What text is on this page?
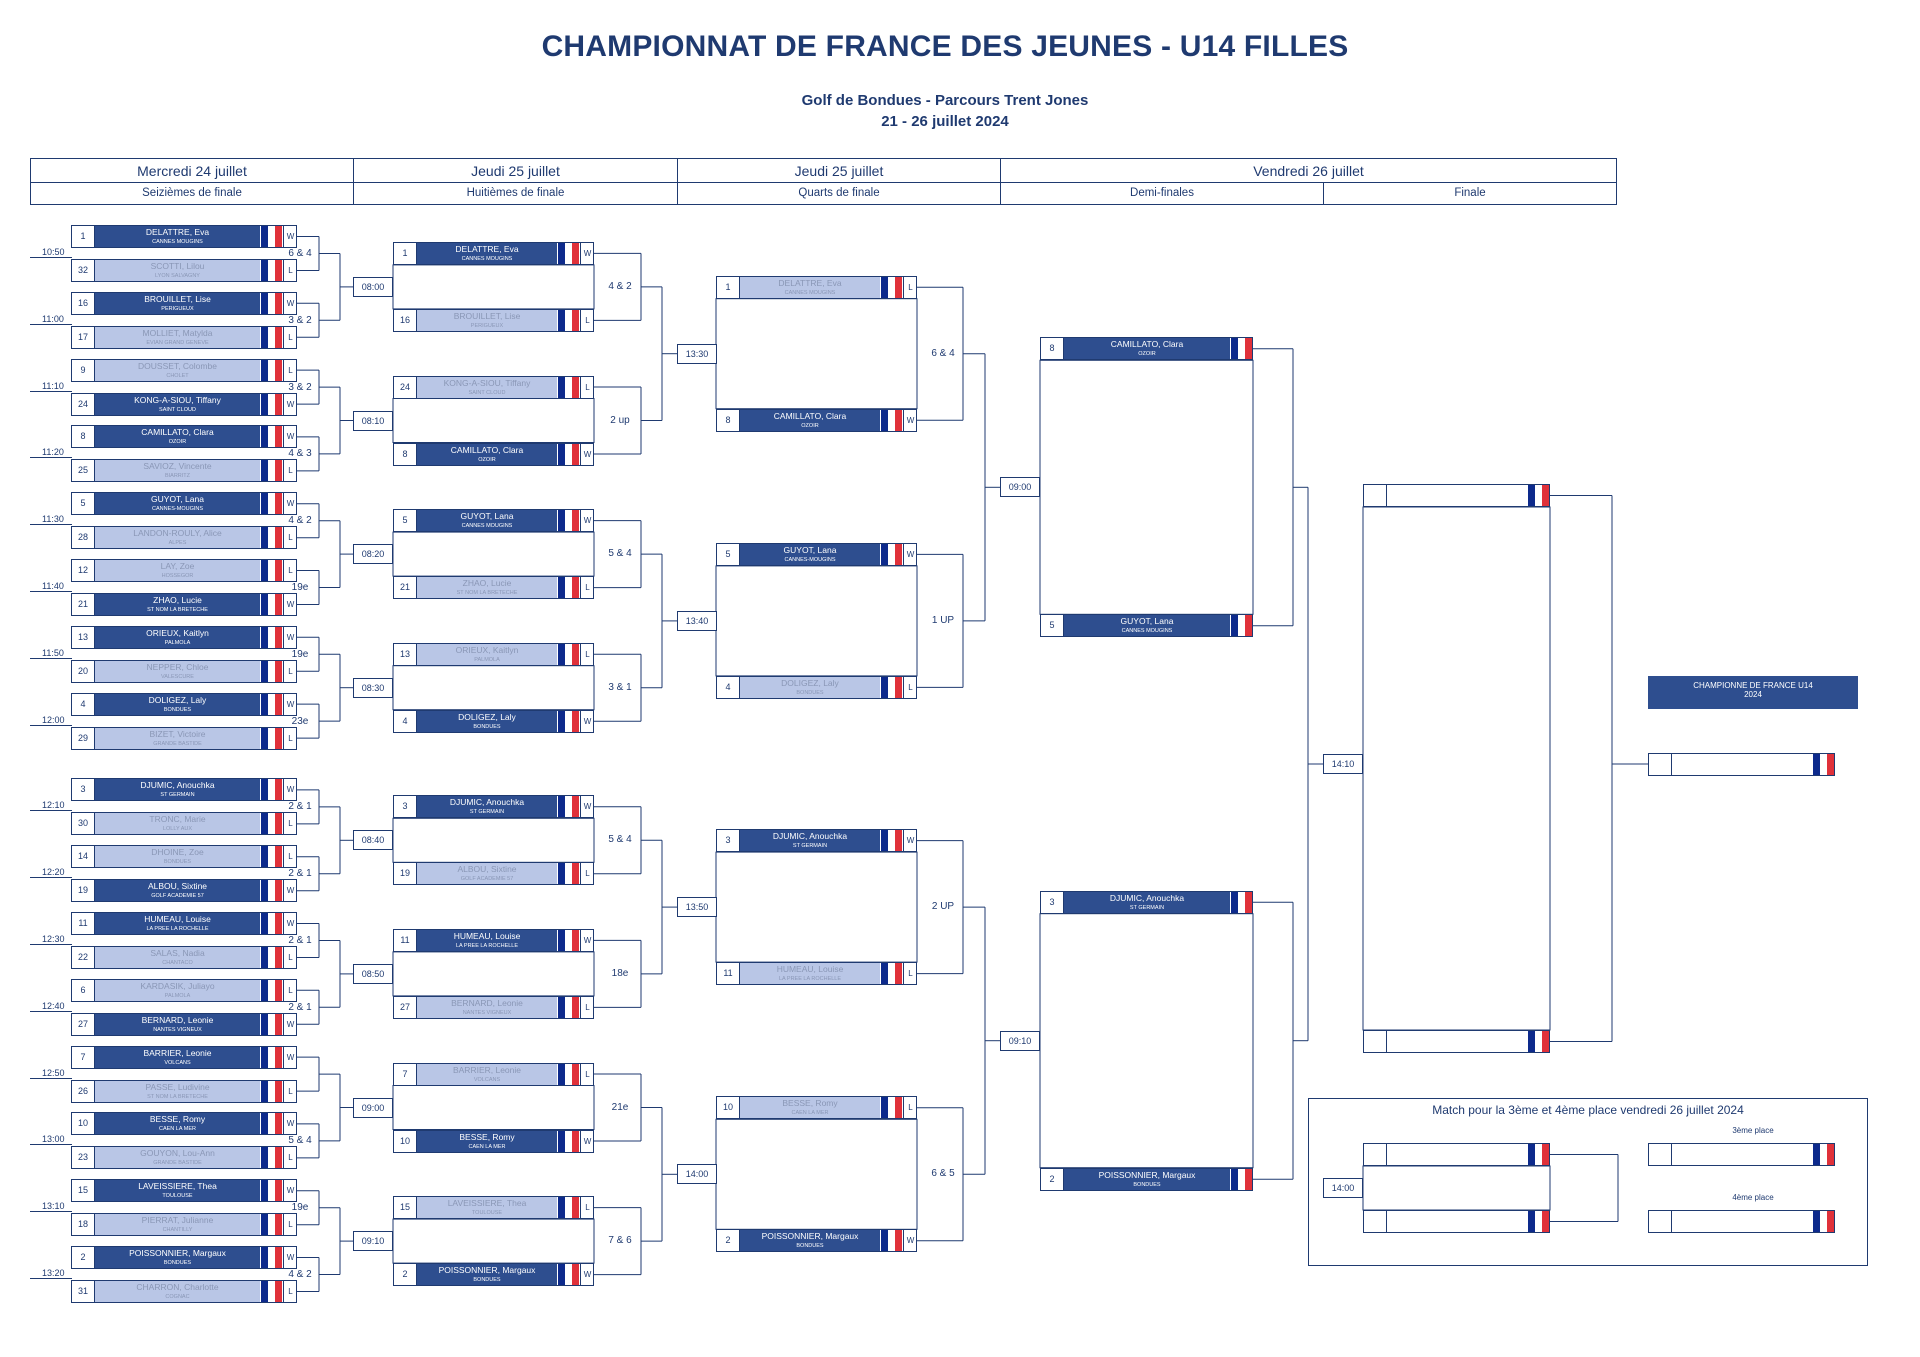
CHAMPIONNAT DE FRANCE DES JEUNES - U14 FILLES
Golf de Bondues - Parcours Trent Jones
21 - 26 juillet 2024
Mercredi 24 juillet	Jeudi 25 juillet	Jeudi 25 juillet	Vendredi 26 juillet
Seizièmes de finale	Huitièmes de finale	Quarts de finale	Demi-finales	Finale
1	DELATTRE, Eva
CANNES MOUGINS
W
32	SCOTTI, Lilou
LYON SALVAGNY
L
10:50	6 & 4
16	BROUILLET, Lise
PERIGUEUX
W
17	MOLLIET, Matylda
EVIAN GRAND GENEVE
L
11:00	3 & 2
9	DOUSSET, Colombe
CHOLET
L
24	KONG-A-SIOU, Tiffany
SAINT CLOUD
W
11:10	3 & 2
8	CAMILLATO, Clara
OZOIR
W
25	SAVIOZ, Vincente
BIARRITZ
L
11:20	4 & 3
5	GUYOT, Lana
CANNES-MOUGINS
W
28	LANDON-ROULY, Alice
ALPES
L
11:30	4 & 2
12	LAY, Zoe
HOSSEGOR
L
21	ZHAO, Lucie
ST NOM LA BRETECHE
W
11:40	19e
13	ORIEUX, Kaitlyn
PALMOLA
W
20	NEPPER, Chloe
VALESCURE
L
11:50	19e
4	DOLIGEZ, Laly
BONDUES
W
29	BIZET, Victoire
GRANDE BASTIDE
L
12:00	23e
3	DJUMIC, Anouchka
ST GERMAIN
W
30	TRONC, Marie
LOLLY AUX
L
12:10	2 & 1
14	DHOINE, Zoe
BONDUES
L
19	ALBOU, Sixtine
GOLF ACADEMIE 57
W
12:20	2 & 1
11	HUMEAU, Louise
LA PREE LA ROCHELLE
W
22	SALAS, Nadia
CHANTACO
L
12:30	2 & 1
6	KARDASIK, Juliayo
PALMOLA
L
27	BERNARD, Leonie
NANTES VIGNEUX
W
12:40	2 & 1
7	BARRIER, Leonie
VOLCANS
W
26	PASSE, Ludivine
ST NOM LA BRETECHE
L
12:50
10	BESSE, Romy
CAEN LA MER
W
23	GOUYON, Lou-Ann
GRANDE BASTIDE
L
13:00	5 & 4
15	LAVEISSIERE, Thea
TOULOUSE
W
18	PIERRAT, Julianne
CHANTILLY
L
13:10	19e
2	POISSONNIER, Margaux
BONDUES
W
31	CHARRON, Charlotte
COGNAC
L
13:20	4 & 2
08:00
1	DELATTRE, Eva
CANNES MOUGINS
W
16	BROUILLET, Lise
PERIGUEUX
L
4 & 2
08:10
24	KONG-A-SIOU, Tiffany
SAINT CLOUD
L
8	CAMILLATO, Clara
OZOIR
W
2 up
08:20
5	GUYOT, Lana
CANNES MOUGINS
W
21	ZHAO, Lucie
ST NOM LA BRETECHE
L
5 & 4
08:30
13	ORIEUX, Kaitlyn
PALMOLA
L
4	DOLIGEZ, Laly
BONDUES
W
3 & 1
08:40
3	DJUMIC, Anouchka
ST GERMAIN
W
19	ALBOU, Sixtine
GOLF ACADEMIE 57
L
5 & 4
08:50
11	HUMEAU, Louise
LA PREE LA ROCHELLE
W
27	BERNARD, Leonie
NANTES VIGNEUX
L
18e
09:00
7	BARRIER, Leonie
VOLCANS
L
10	BESSE, Romy
CAEN LA MER
W
21e
09:10
15	LAVEISSIERE, Thea
TOULOUSE
L
2	POISSONNIER, Margaux
BONDUES
W
7 & 6
13:30
1	DELATTRE, Eva
CANNES MOUGINS
L
8	CAMILLATO, Clara
OZOIR
W
6 & 4
13:40
5	GUYOT, Lana
CANNES-MOUGINS
W
4	DOLIGEZ, Laly
BONDUES
L
1 UP
13:50
3	DJUMIC, Anouchka
ST GERMAIN
W
11	HUMEAU, Louise
LA PREE LA ROCHELLE
L
2 UP
14:00
10	BESSE, Romy
CAEN LA MER
L
2	POISSONNIER, Margaux
BONDUES
W
6 & 5
09:00
8	CAMILLATO, Clara
OZOIR
5	GUYOT, Lana
CANNES MOUGINS
09:10
3	DJUMIC, Anouchka
ST GERMAIN
2	POISSONNIER, Margaux
BONDUES
14:10
14:00
CHAMPIONNE DE FRANCE U14
2024
Match pour la 3ème et 4ème place vendredi 26 juillet 2024
3ème place
4ème place
